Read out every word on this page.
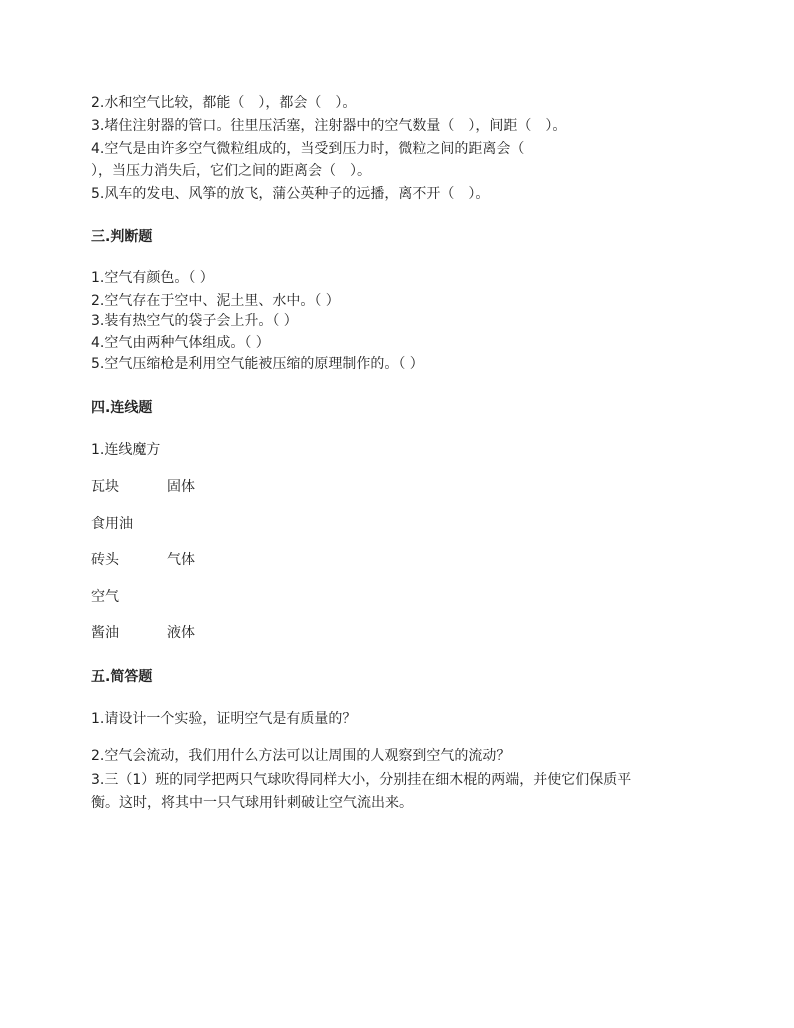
2.水和空气比较，都能（　），都会（　）。
3.堵住注射器的管口。往里压活塞，注射器中的空气数量（　），间距（　）。
4.空气是由许多空气微粒组成的，当受到压力时，微粒之间的距离会（
），当压力消失后，它们之间的距离会（　）。
5.风车的发电、风筝的放飞，蒲公英种子的远播，离不开（　）。
三.判断题
1.空气有颜色。（ ）
2.空气存在于空中、泥土里、水中。（ ）
3.装有热空气的袋子会上升。（ ）
4.空气由两种气体组成。（ ）
5.空气压缩枪是利用空气能被压缩的原理制作的。（ ）
四.连线题
1.连线魔方
瓦块	固体
食用油
砖头	气体
空气
酱油	液体
五.简答题
1.请设计一个实验，证明空气是有质量的？
2.空气会流动，我们用什么方法可以让周围的人观察到空气的流动？
3.三（1）班的同学把两只气球吹得同样大小，分别挂在细木棍的两端，并使它们保质平
衡。这时，将其中一只气球用针刺破让空气流出来。
